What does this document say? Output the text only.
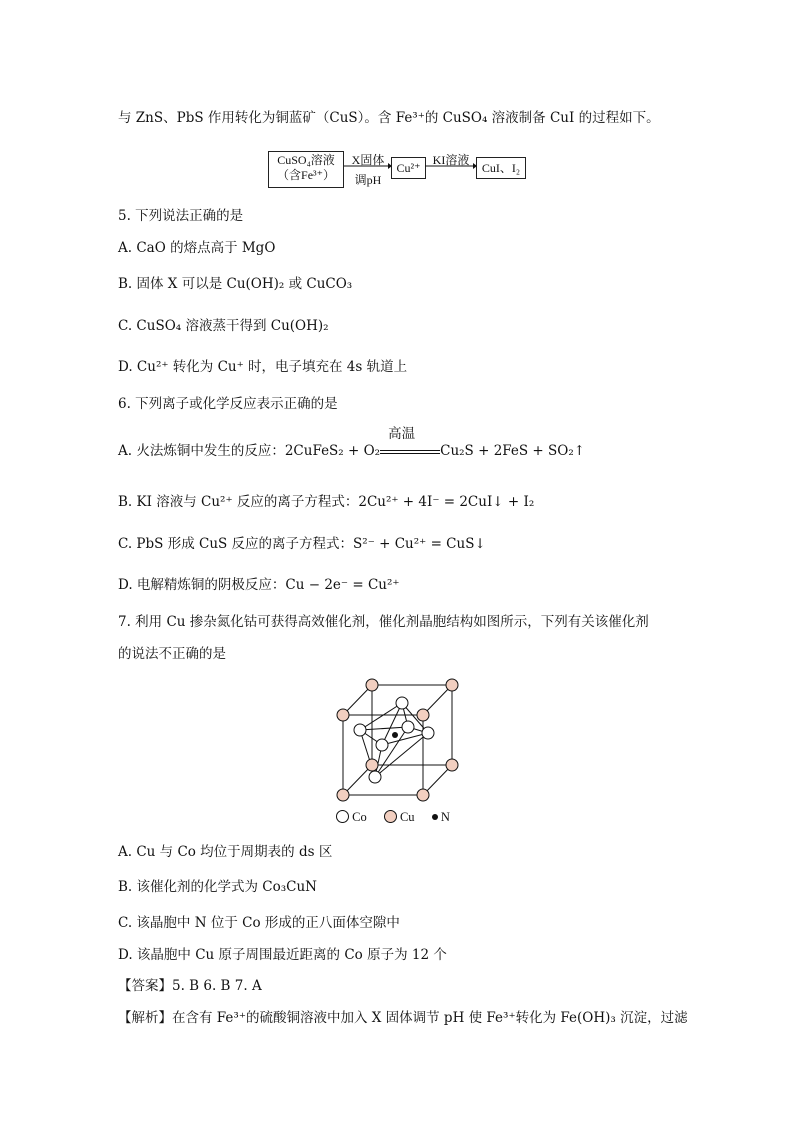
与 ZnS、PbS 作用转化为铜蓝矿（CuS）。含 Fe³⁺的 CuSO₄ 溶液制备 CuI 的过程如下。
CuSO₄溶液
（含Fe³⁺）
X固体
调pH
Cu²⁺
KI溶液
CuI、I₂
5. 下列说法正确的是
A. CaO 的熔点高于 MgO
B. 固体 X 可以是 Cu(OH)₂ 或 CuCO₃
C. CuSO₄ 溶液蒸干得到 Cu(OH)₂
D. Cu²⁺ 转化为 Cu⁺ 时，电子填充在 4s 轨道上
6. 下列离子或化学反应表示正确的是
A. 火法炼铜中发生的反应：2CuFeS₂ + O₂
高温
Cu₂S + 2FeS + SO₂↑
B. KI 溶液与 Cu²⁺ 反应的离子方程式：2Cu²⁺ + 4I⁻ = 2CuI↓ + I₂
C. PbS 形成 CuS 反应的离子方程式：S²⁻ + Cu²⁺ = CuS↓
D. 电解精炼铜的阴极反应：Cu − 2e⁻ = Cu²⁺
7. 利用 Cu 掺杂氮化钴可获得高效催化剂，催化剂晶胞结构如图所示，下列有关该催化剂
的说法不正确的是
Co	Cu N
A. Cu 与 Co 均位于周期表的 ds 区
B. 该催化剂的化学式为 Co₃CuN
C. 该晶胞中 N 位于 Co 形成的正八面体空隙中
D. 该晶胞中 Cu 原子周围最近距离的 Co 原子为 12 个
【答案】5. B 6. B 7. A
【解析】在含有 Fe³⁺的硫酸铜溶液中加入 X 固体调节 pH 使 Fe³⁺转化为 Fe(OH)₃ 沉淀，过滤
